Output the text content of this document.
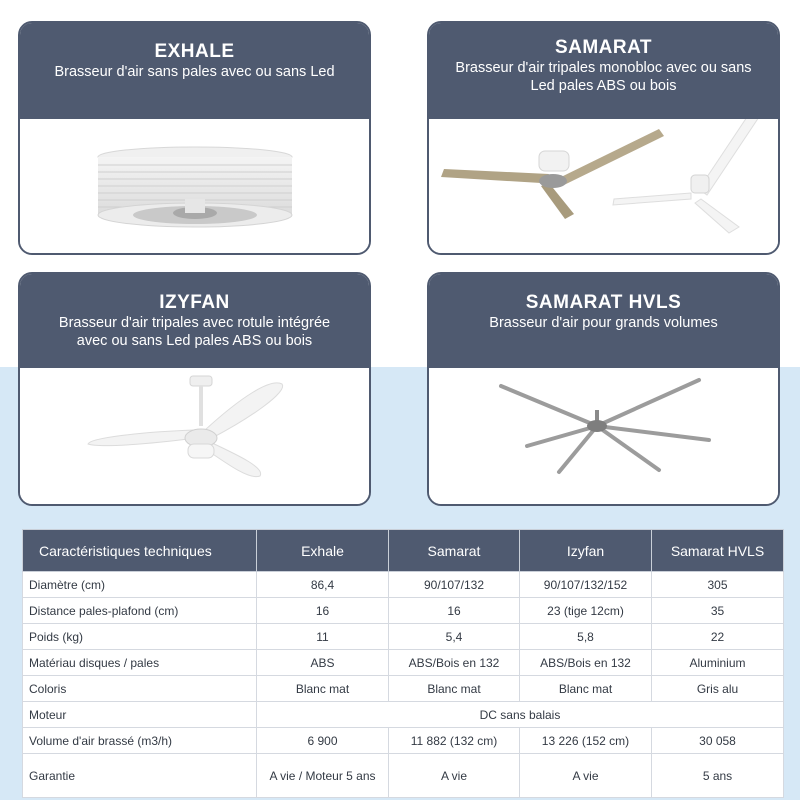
EXHALE
Brasseur d'air sans pales avec ou sans Led
SAMARAT
Brasseur d'air tripales monobloc avec ou sans
Led pales ABS ou bois
IZYFAN
Brasseur d'air tripales avec rotule intégrée
avec ou sans Led pales ABS ou bois
SAMARAT HVLS
Brasseur d'air pour grands volumes
Caractéristiques techniques	Exhale	Samarat	Izyfan	Samarat HVLS
Diamètre (cm)	86,4	90/107/132	90/107/132/152	305
Distance pales-plafond (cm)	16	16	23 (tige 12cm)	35
Poids (kg)	11	5,4	5,8	22
Matériau disques / pales	ABS	ABS/Bois en 132	ABS/Bois en 132	Aluminium
Coloris	Blanc mat	Blanc mat	Blanc mat	Gris alu
Moteur	DC sans balais			
Volume d'air brassé (m3/h)	6 900	11 882 (132 cm)	13 226 (152 cm)	30 058
Garantie	A vie / Moteur 5 ans	A vie	A vie	5 ans
